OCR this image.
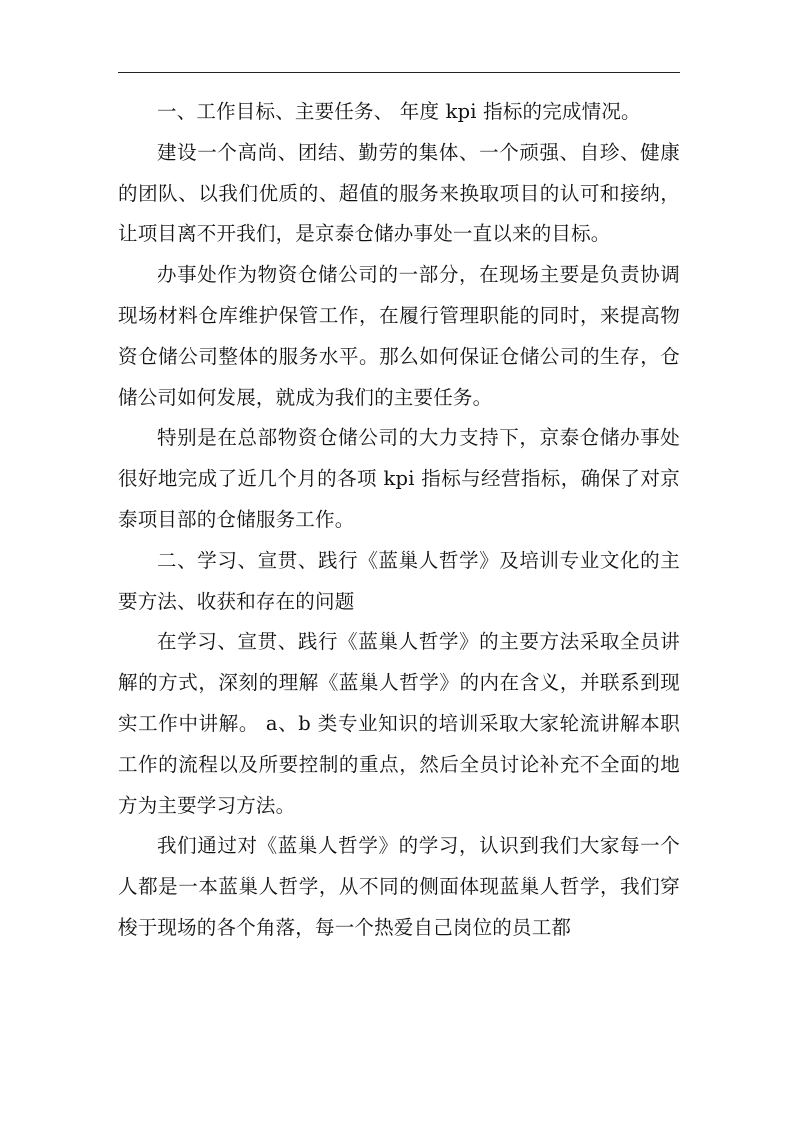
一、工作目标、主要任务、 年度 kpi 指标的完成情况。

建设一个高尚、团结、勤劳的集体、一个顽强、自珍、健康的团队、以我们优质的、超值的服务来换取项目的认可和接纳，让项目离不开我们，是京泰仓储办事处一直以来的目标。

办事处作为物资仓储公司的一部分，在现场主要是负责协调现场材料仓库维护保管工作，在履行管理职能的同时，来提高物资仓储公司整体的服务水平。那么如何保证仓储公司的生存，仓储公司如何发展，就成为我们的主要任务。

特别是在总部物资仓储公司的大力支持下，京泰仓储办事处很好地完成了近几个月的各项 kpi 指标与经营指标，确保了对京泰项目部的仓储服务工作。

二、学习、宣贯、践行《蓝巢人哲学》及培训专业文化的主要方法、收获和存在的问题

在学习、宣贯、践行《蓝巢人哲学》的主要方法采取全员讲解的方式，深刻的理解《蓝巢人哲学》的内在含义，并联系到现实工作中讲解。 a、b 类专业知识的培训采取大家轮流讲解本职工作的流程以及所要控制的重点，然后全员讨论补充不全面的地方为主要学习方法。

我们通过对《蓝巢人哲学》的学习，认识到我们大家每一个人都是一本蓝巢人哲学，从不同的侧面体现蓝巢人哲学，我们穿梭于现场的各个角落，每一个热爱自己岗位的员工都
